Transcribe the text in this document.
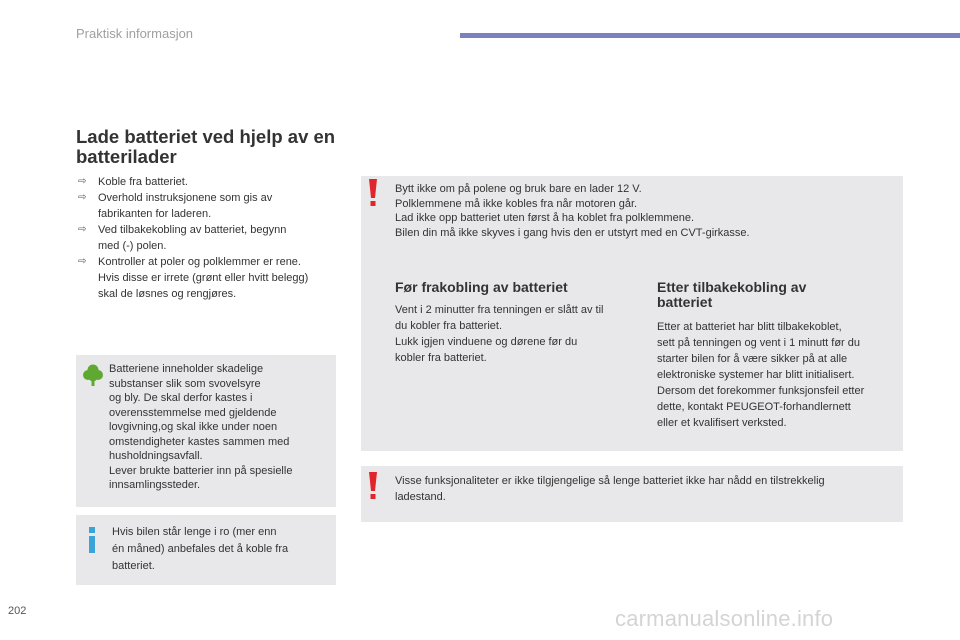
Praktisk informasjon
Lade batteriet ved hjelp av en batterilader
⇨ Koble fra batteriet.
⇨ Overhold instruksjonene som gis av
fabrikanten for laderen.
⇨ Ved tilbakekobling av batteriet, begynn
med (-) polen.
⇨ Kontroller at poler og polklemmer er rene.
Hvis disse er irrete (grønt eller hvitt belegg)
skal de løsnes og rengjøres.
Batteriene inneholder skadelige
substanser slik som svovelsyre
og bly. De skal derfor kastes i
overensstemmelse med gjeldende
lovgivning,og skal ikke under noen
omstendigheter kastes sammen med
husholdningsavfall.
Lever brukte batterier inn på spesielle
innsamlingssteder.
Hvis bilen står lenge i ro (mer enn
én måned) anbefales det å koble fra
batteriet.
Bytt ikke om på polene og bruk bare en lader 12 V.
Polklemmene må ikke kobles fra når motoren går.
Lad ikke opp batteriet uten først å ha koblet fra polklemmene.
Bilen din må ikke skyves i gang hvis den er utstyrt med en CVT-girkasse.
Før frakobling av batteriet
Vent i 2 minutter fra tenningen er slått av til
du kobler fra batteriet.
Lukk igjen vinduene og dørene før du
kobler fra batteriet.
Etter tilbakekobling av
batteriet
Etter at batteriet har blitt tilbakekoblet,
sett på tenningen og vent i 1 minutt før du
starter bilen for å være sikker på at alle
elektroniske systemer har blitt initialisert.
Dersom det forekommer funksjonsfeil etter
dette, kontakt PEUGEOT-forhandlernett
eller et kvalifisert verksted.
Visse funksjonaliteter er ikke tilgjengelige så lenge batteriet ikke har nådd en tilstrekkelig
ladestand.
202	carmanualsonline.info
